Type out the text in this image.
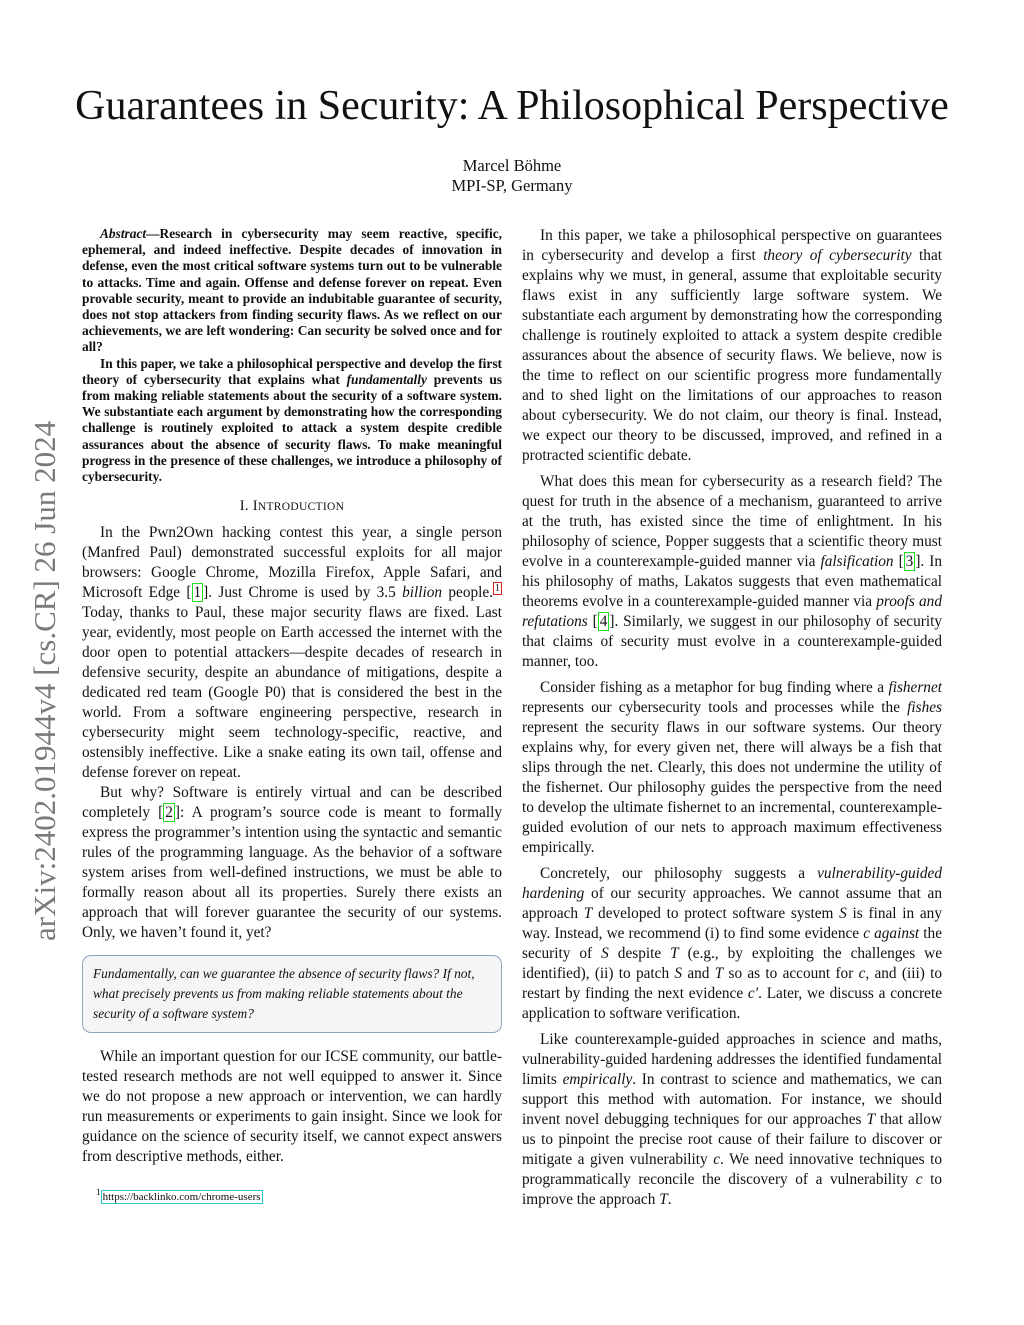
Guarantees in Security: A Philosophical Perspective
Marcel Böhme
MPI-SP, Germany
arXiv:2402.01944v4 [cs.CR] 26 Jun 2024

Abstract—Research in cybersecurity may seem reactive, specific, ephemeral, and indeed ineffective. Despite decades of innovation in defense, even the most critical software systems turn out to be vulnerable to attacks. Time and again. Offense and defense forever on repeat. Even provable security, meant to provide an indubitable guarantee of security, does not stop attackers from finding security flaws. As we reflect on our achievements, we are left wondering: Can security be solved once and for all?

In this paper, we take a philosophical perspective and develop the first theory of cybersecurity that explains what fundamentally prevents us from making reliable statements about the security of a software system. We substantiate each argument by demonstrating how the corresponding challenge is routinely exploited to attack a system despite credible assurances about the absence of security flaws. To make meaningful progress in the presence of these challenges, we introduce a philosophy of cybersecurity.

I. INTRODUCTION

In the Pwn2Own hacking contest this year, a single person (Manfred Paul) demonstrated successful exploits for all major browsers: Google Chrome, Mozilla Firefox, Apple Safari, and Microsoft Edge [ 1 ]. Just Chrome is used by 3.5 billion people. $^1$ Today, thanks to Paul, these major security flaws are fixed. Last year, evidently, most people on Earth accessed the internet with the door open to potential attackers—despite decades of research in defensive security, despite an abundance of mitigations, despite a dedicated red team (Google P0) that is considered the best in the world. From a software engineering perspective, research in cybersecurity might seem technology-specific, reactive, and ostensibly ineffective. Like a snake eating its own tail, offense and defense forever on repeat.

But why? Software is entirely virtual and can be described completely [ 2 ]: A program’s source code is meant to formally express the programmer’s intention using the syntactic and semantic rules of the programming language. As the behavior of a software system arises from well-defined instructions, we must be able to formally reason about all its properties. Surely there exists an approach that will forever guarantee the security of our systems. Only, we haven’t found it, yet?

Fundamentally, can we guarantee the absence of security flaws? If not, what precisely prevents us from making reliable statements about the security of a software system?

While an important question for our ICSE community, our battle-tested research methods are not well equipped to answer it. Since we do not propose a new approach or intervention, we can hardly run measurements or experiments to gain insight. Since we look for guidance on the science of security itself, we cannot expect answers from descriptive methods, either.

$^1$ https://backlinko.com/chrome-users

In this paper, we take a philosophical perspective on guarantees in cybersecurity and develop a first theory of cybersecurity that explains why we must, in general, assume that exploitable security flaws exist in any sufficiently large software system. We substantiate each argument by demonstrating how the corresponding challenge is routinely exploited to attack a system despite credible assurances about the absence of security flaws. We believe, now is the time to reflect on our scientific progress more fundamentally and to shed light on the limitations of our approaches to reason about cybersecurity. We do not claim, our theory is final. Instead, we expect our theory to be discussed, improved, and refined in a protracted scientific debate.

What does this mean for cybersecurity as a research field? The quest for truth in the absence of a mechanism, guaranteed to arrive at the truth, has existed since the time of enlightment. In his philosophy of science, Popper suggests that a scientific theory must evolve in a counterexample-guided manner via falsification [ 3 ]. In his philosophy of maths, Lakatos suggests that even mathematical theorems evolve in a counterexample-guided manner via proofs and refutations [ 4 ]. Similarly, we suggest in our philosophy of security that claims of security must evolve in a counterexample-guided manner, too.

Consider fishing as a metaphor for bug finding where a fishernet represents our cybersecurity tools and processes while the fishes represent the security flaws in our software systems. Our theory explains why, for every given net, there will always be a fish that slips through the net. Clearly, this does not undermine the utility of the fishernet. Our philosophy guides the perspective from the need to develop the ultimate fishernet to an incremental, counterexample-guided evolution of our nets to approach maximum effectiveness empirically.

Concretely, our philosophy suggests a vulnerability-guided hardening of our security approaches. We cannot assume that an approach T developed to protect software system S is final in any way. Instead, we recommend (i) to find some evidence c against the security of S despite T (e.g., by exploiting the challenges we identified), (ii) to patch S and T so as to account for c, and (iii) to restart by finding the next evidence c′. Later, we discuss a concrete application to software verification.

Like counterexample-guided approaches in science and maths, vulnerability-guided hardening addresses the identified fundamental limits empirically. In contrast to science and mathematics, we can support this method with automation. For instance, we should invent novel debugging techniques for our approaches T that allow us to pinpoint the precise root cause of their failure to discover or mitigate a given vulnerability c. We need innovative techniques to programmatically reconcile the discovery of a vulnerability c to improve the approach T.
